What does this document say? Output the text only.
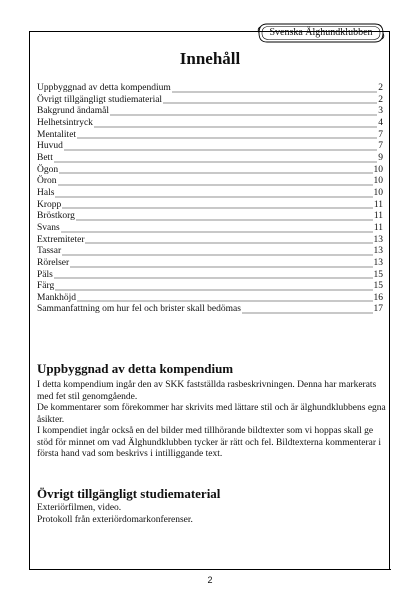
Svenska Älghundklubben
Innehåll
Uppbyggnad av detta kompendium	2
Övrigt tillgängligt studiematerial	2
Bakgrund ändamål	3
Helhetsintryck	4
Mentalitet	7
Huvud	7
Bett	9
Ögon	10
Öron	10
Hals	10
Kropp	11
Bröstkorg	11
Svans	11
Extremiteter	13
Tassar	13
Rörelser	13
Päls	15
Färg	15
Mankhöjd	16
Sammanfattning om hur fel och brister skall bedömas	17
Uppbyggnad av detta kompendium

I detta kompendium ingår den av SKK fastställda rasbeskrivningen. Denna har markerats med fet stil genomgående.

De kommentarer som förekommer har skrivits med lättare stil och är älghundklubbens egna åsikter.

I kompendiet ingår också en del bilder med tillhörande bildtexter som vi hoppas skall ge stöd för minnet om vad Älghundklubben tycker är rätt och fel. Bildtexterna kommenterar i första hand vad som beskrivs i intilliggande text.

Övrigt tillgängligt studiematerial

Exteriörfilmen, video.

Protokoll från exteriördomarkonferenser.

2
